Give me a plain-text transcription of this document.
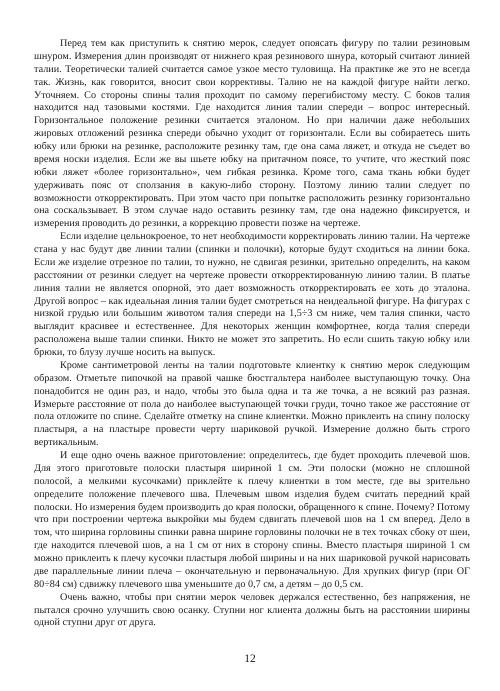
Перед тем как приступить к снятию мерок, следует опоясать фигуру по талии резиновым шнуром. Измерения длин производят от нижнего края резинового шнура, который считают линией талии. Теоретически талией считается самое узкое место туловища. На практике же это не всегда так. Жизнь, как говорится, вносит свои коррективы. Талию не на каждой фигуре найти легко. Уточняем. Со стороны спины талия проходит по самому перегибистому месту. С боков талия находится над тазовыми костями. Где находится линия талии спереди – вопрос интересный. Горизонтальное положение резинки считается эталоном. Но при наличии даже небольших жировых отложений резинка спереди обычно уходит от горизонтали. Если вы собираетесь шить юбку или брюки на резинке, расположите резинку там, где она сама ляжет, и откуда не съедет во время носки изделия. Если же вы шьете юбку на притачном поясе, то учтите, что жесткий пояс юбки ляжет «более горизонтально», чем гибкая резинка. Кроме того, сама ткань юбки будет удерживать пояс от сползания в какую-либо сторону. Поэтому линию талии следует по возможности откорректировать. При этом часто при попытке расположить резинку горизонтально она соскальзывает. В этом случае надо оставить резинку там, где она надежно фиксируется, и измерения проводить до резинки, а коррекцию провести позже на чертеже.

Если изделие цельнокроеное, то нет необходимости корректировать линию талии. На чертеже стана у нас будут две линии талии (спинки и полочки), которые будут сходиться на линии бока. Если же изделие отрезное по талии, то нужно, не сдвигая резинки, зрительно определить, на каком расстоянии от резинки следует на чертеже провести откорректированную линию талии. В платье линия талии не является опорной, это дает возможность откорректировать ее хоть до эталона. Другой вопрос – как идеальная линия талии будет смотреться на неидеальной фигуре. На фигурах с низкой грудью или большим животом талия спереди на 1,5÷3 см ниже, чем талия спинки, часто выглядит красивее и естественнее. Для некоторых женщин комфортнее, когда талия спереди расположена выше талии спинки. Никто не может это запретить. Но если сшить такую юбку или брюки, то блузу лучше носить на выпуск.

Кроме сантиметровой ленты на талии подготовьте клиентку к снятию мерок следующим образом. Отметьте пипочкой на правой чашке бюстгальтера наиболее выступающую точку. Она понадобится не один раз, и надо, чтобы это была одна и та же точка, а не всякий раз разная. Измерьте расстояние от пола до наиболее выступающей точки груди, точно такое же расстояние от пола отложите по спине. Сделайте отметку на спине клиентки. Можно приклеить на спину полоску пластыря, а на пластыре провести черту шариковой ручкой. Измерение должно быть строго вертикальным.

И еще одно очень важное приготовление: определитесь, где будет проходить плечевой шов. Для этого приготовьте полоски пластыря шириной 1 см. Эти полоски (можно не сплошной полосой, а мелкими кусочками) приклейте к плечу клиентки в том месте, где вы зрительно определите положение плечевого шва. Плечевым швом изделия будем считать передний край полоски. Но измерения будем производить до края полоски, обращенного к спине. Почему? Потому что при построении чертежа выкройки мы будем сдвигать плечевой шов на 1 см вперед. Дело в том, что ширина горловины спинки равна ширине горловины полочки не в тех точках сбоку от шеи, где находится плечевой шов, а на 1 см от них в сторону спины. Вместо пластыря шириной 1 см можно приклеить к плечу кусочки пластыря любой ширины и на них шариковой ручкой нарисовать две параллельные линии плеча – окончательную и первоначальную. Для хрупких фигур (при ОГ 80÷84 см) сдвижку плечевого шва уменьшите до 0,7 см, а детям – до 0,5 см.

Очень важно, чтобы при снятии мерок человек держался естественно, без напряжения, не пытался срочно улучшить свою осанку. Ступни ног клиента должны быть на расстоянии ширины одной ступни друг от друга.

12
